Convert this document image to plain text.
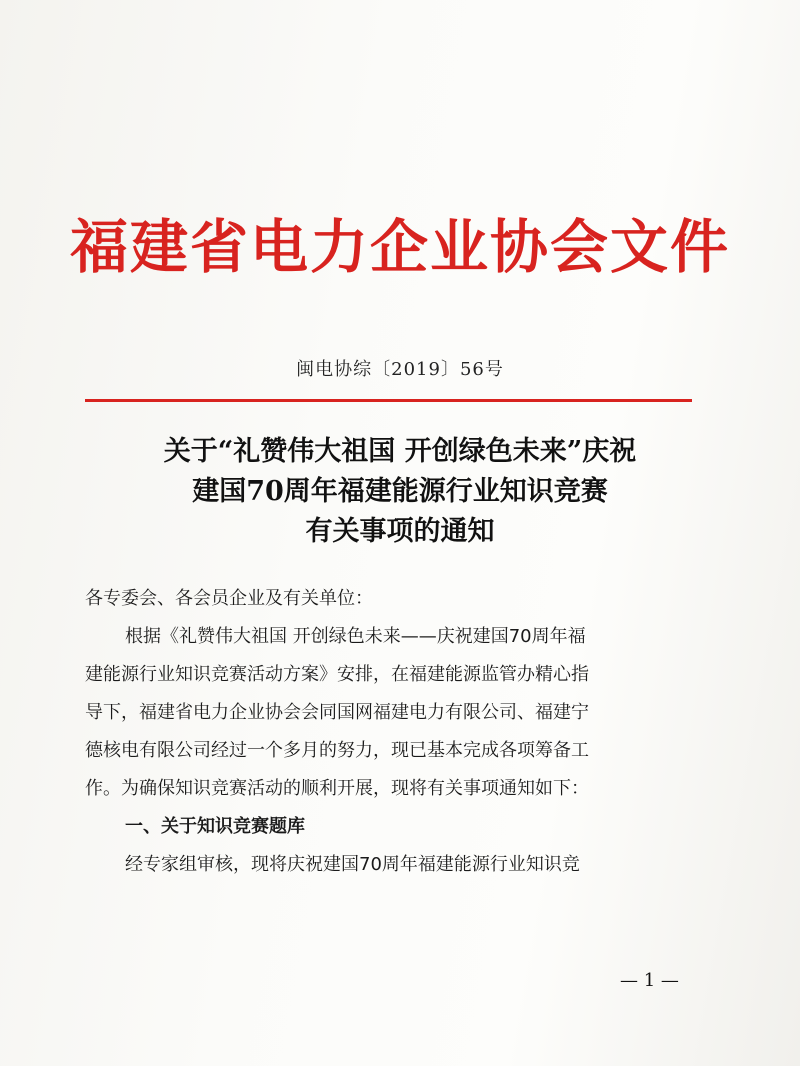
福建省电力企业协会文件
闽电协综〔2019〕56号
关于“礼赞伟大祖国 开创绿色未来”庆祝
建国70周年福建能源行业知识竞赛
有关事项的通知
各专委会、各会员企业及有关单位：
根据《礼赞伟大祖国 开创绿色未来——庆祝建国70周年福
建能源行业知识竞赛活动方案》安排，在福建能源监管办精心指
导下，福建省电力企业协会会同国网福建电力有限公司、福建宁
德核电有限公司经过一个多月的努力，现已基本完成各项筹备工
作。为确保知识竞赛活动的顺利开展，现将有关事项通知如下：
一、关于知识竞赛题库
经专家组审核，现将庆祝建国70周年福建能源行业知识竞
— 1 —
